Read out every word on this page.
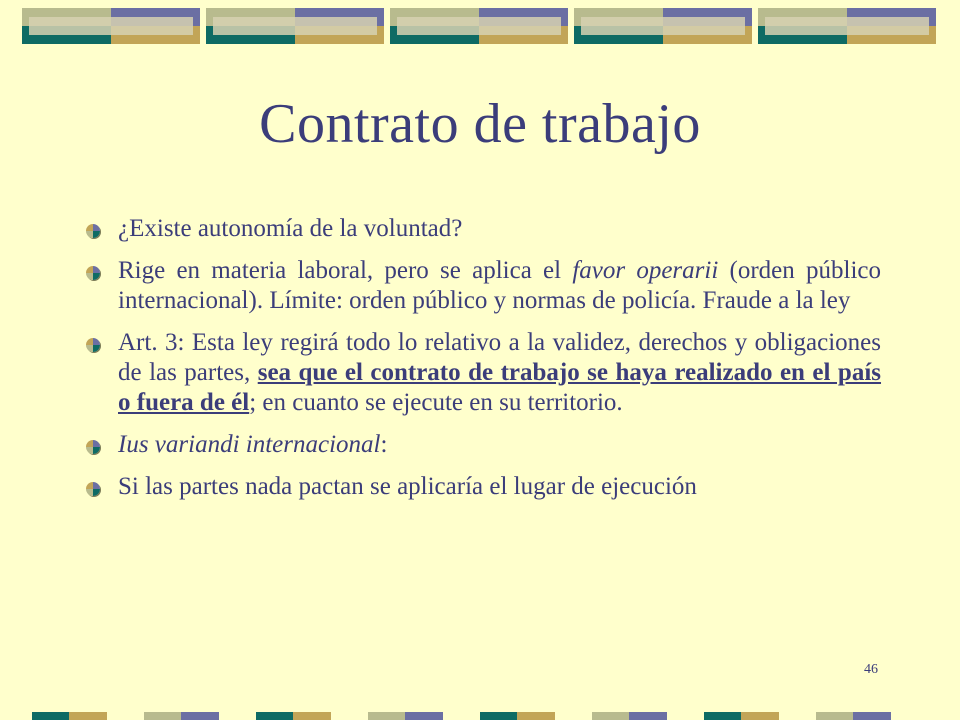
Contrato de trabajo
¿Existe autonomía de la voluntad?
Rige en materia laboral, pero se aplica el favor operarii (orden público internacional). Límite: orden público y normas de policía. Fraude a la ley
Art. 3: Esta ley regirá todo lo relativo a la validez, derechos y obligaciones de las partes, sea que el contrato de trabajo se haya realizado en el país o fuera de él; en cuanto se ejecute en su territorio.
Ius variandi internacional:
Si las partes nada pactan se aplicaría el lugar de ejecución
46
